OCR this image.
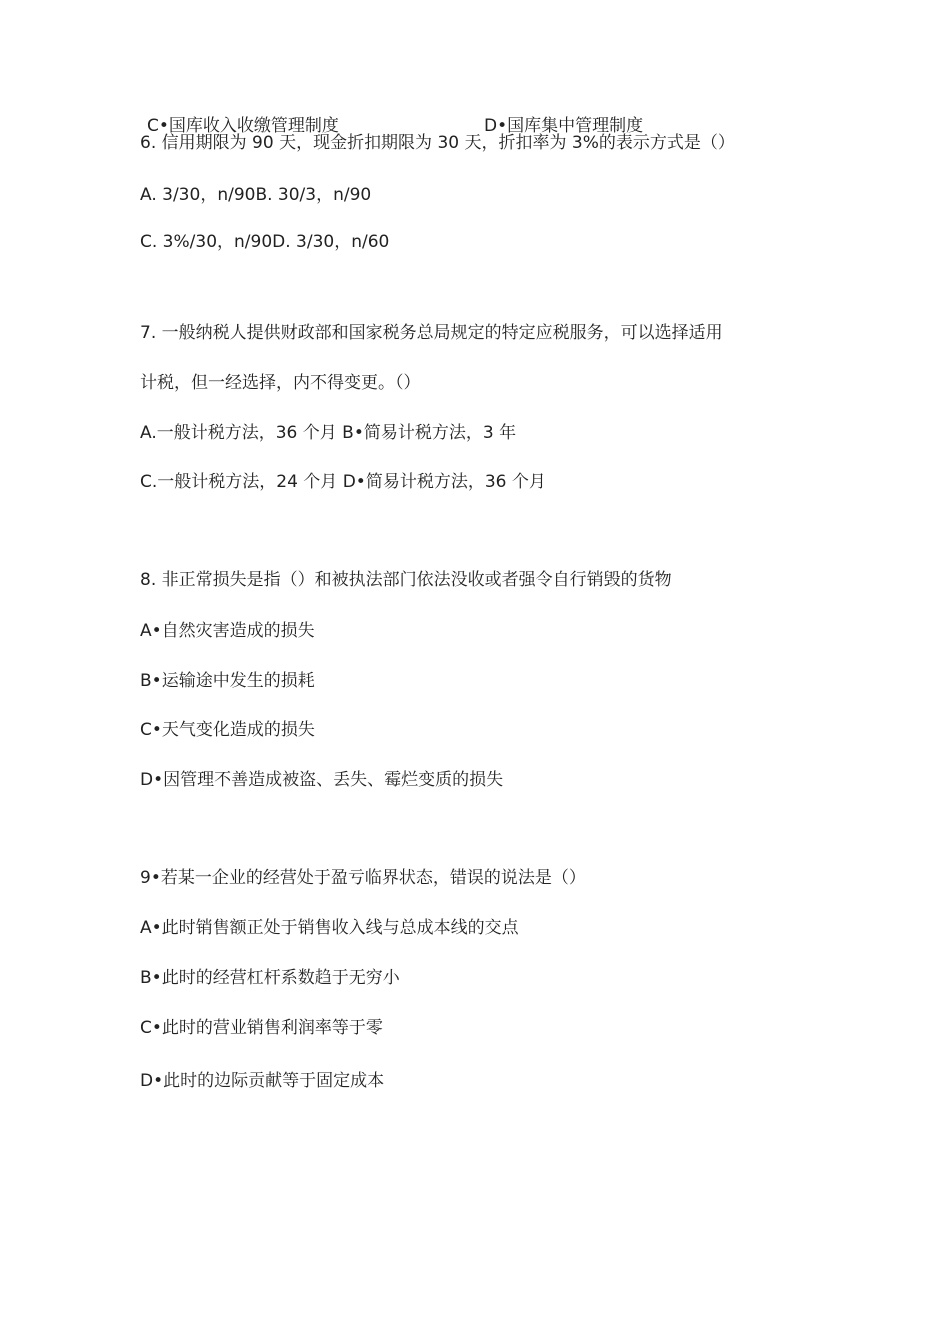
C•国库收入收缴管理制度	D•国库集中管理制度
6. 信用期限为 90 天，现金折扣期限为 30 天，折扣率为 3%的表示方式是（）
A. 3/30，n/90B. 30/3，n/90
C. 3%/30，n/90D. 3/30，n/60
7. 一般纳税人提供财政部和国家税务总局规定的特定应税服务，可以选择适用
计税，但一经选择，内不得变更。（）
A.一般计税方法，36 个月 B•简易计税方法，3 年
C.一般计税方法，24 个月 D•简易计税方法，36 个月
8. 非正常损失是指（）和被执法部门依法没收或者强令自行销毁的货物
A•自然灾害造成的损失
B•运输途中发生的损耗
C•天气变化造成的损失
D•因管理不善造成被盗、丢失、霉烂变质的损失
9•若某一企业的经营处于盈亏临界状态，错误的说法是（）
A•此时销售额正处于销售收入线与总成本线的交点
B•此时的经营杠杆系数趋于无穷小
C•此时的营业销售利润率等于零
D•此时的边际贡献等于固定成本
